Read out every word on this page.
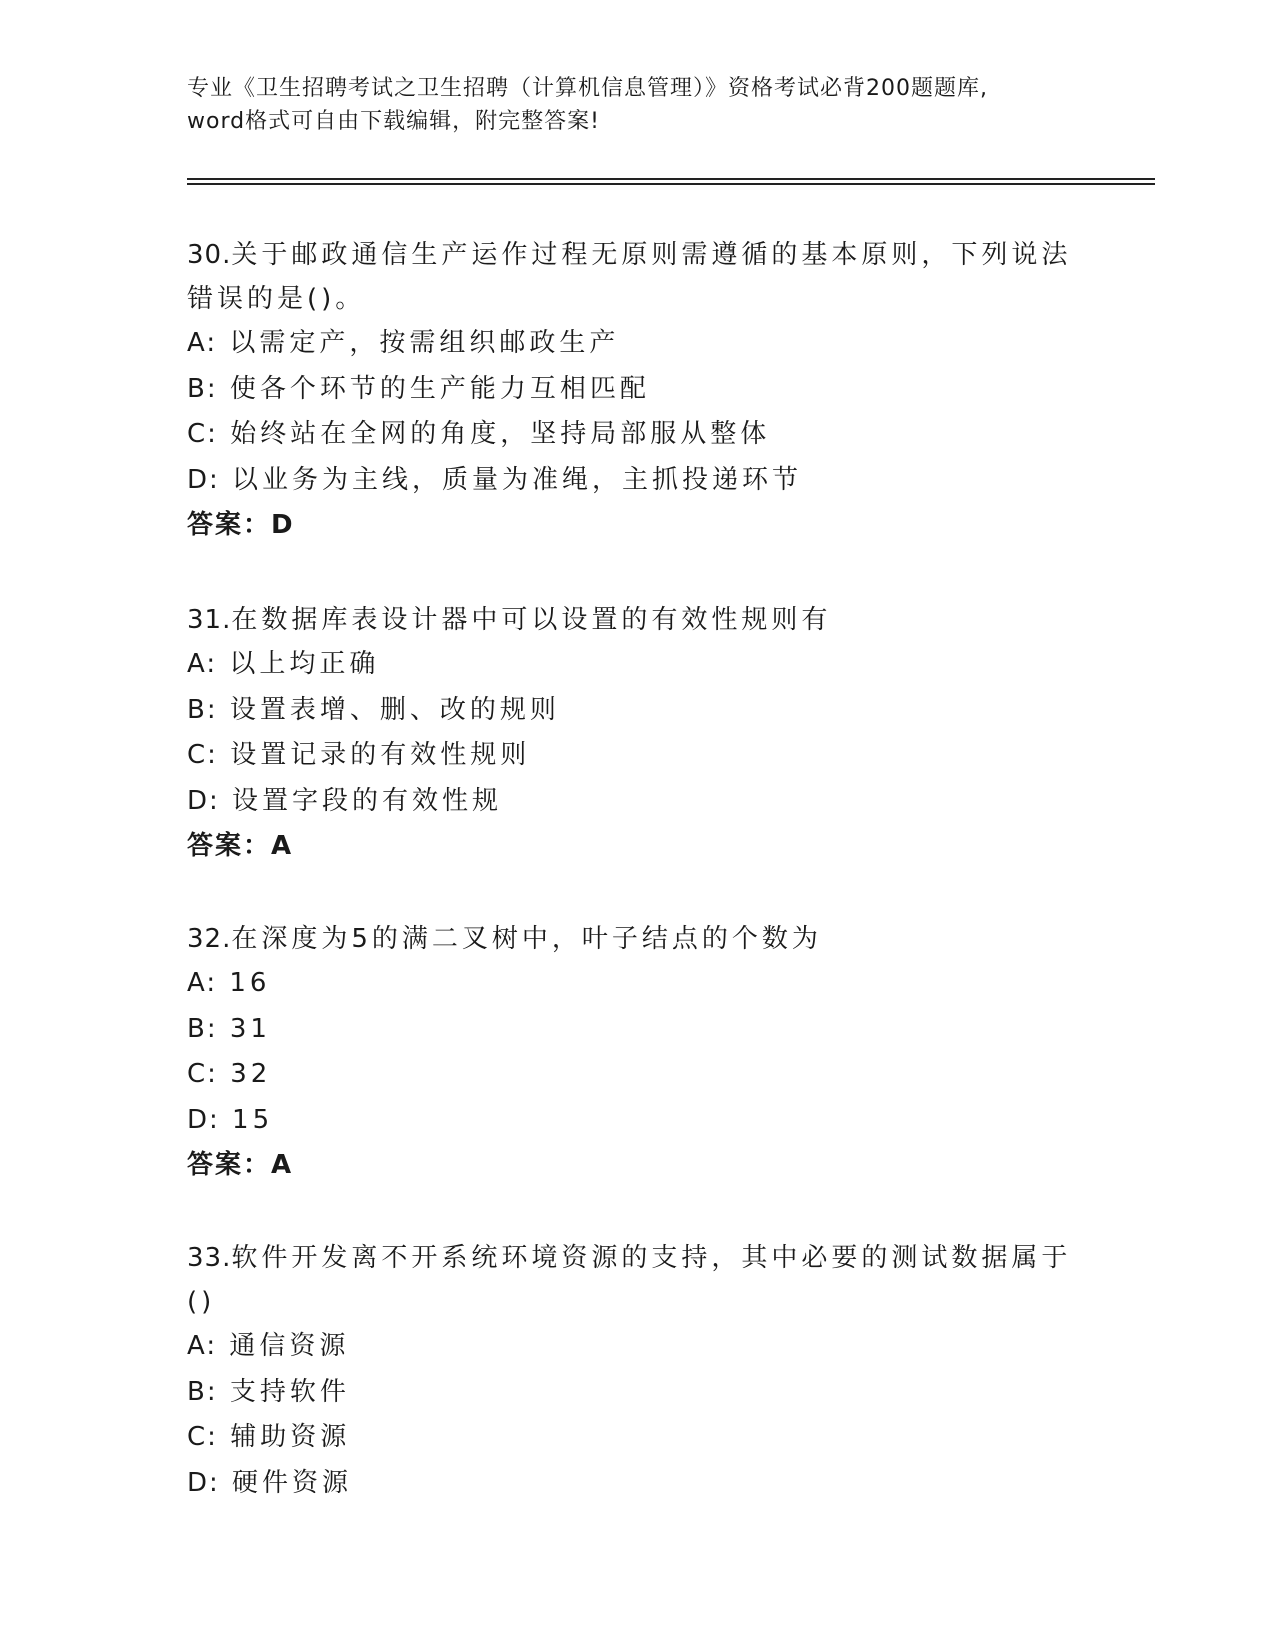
专业《卫生招聘考试之卫生招聘（计算机信息管理）》资格考试必背200题题库,
word格式可自由下载编辑，附完整答案!

30.关于邮政通信生产运作过程无原则需遵循的基本原则，下列说法错误的是()。

A: 以需定产，按需组织邮政生产
B: 使各个环节的生产能力互相匹配
C: 始终站在全网的角度，坚持局部服从整体
D: 以业务为主线，质量为准绳，主抓投递环节
答案：D

31.在数据库表设计器中可以设置的有效性规则有

A: 以上均正确
B: 设置表增、删、改的规则
C: 设置记录的有效性规则
D: 设置字段的有效性规
答案：A

32.在深度为5的满二叉树中，叶子结点的个数为

A: 16
B: 31
C: 32
D: 15
答案：A

33.软件开发离不开系统环境资源的支持，其中必要的测试数据属于()

A: 通信资源
B: 支持软件
C: 辅助资源
D: 硬件资源
